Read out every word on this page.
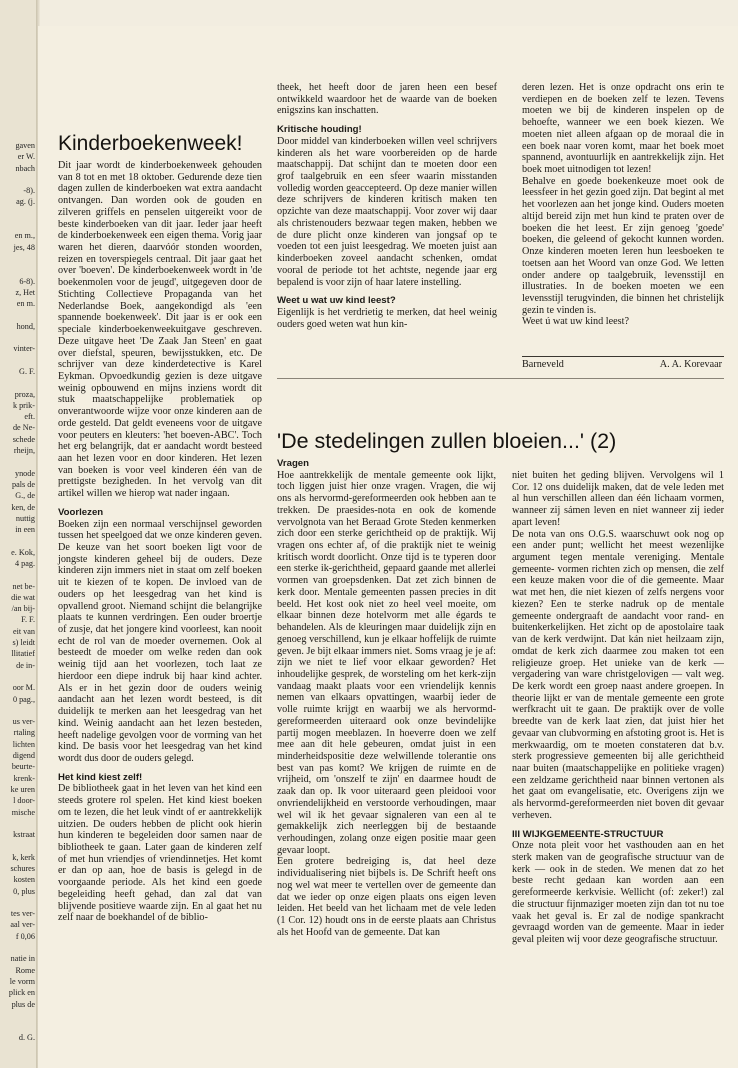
gaven
er W.
nbach

-8).
ag. (j.

en m.,
jes, 48

6-8).
z, Het
en m.

hond,

vinter-

G. F.

proza,
k prik-
eft.
de Ne-
schede
rheijn,

ynode
pals de
G., de
ken, de
nuttig
in een

e. Kok,
4 pag.

net be-
die wat
/an bij-
F. F.
eit van
s) leidt
llitatief
de in-

oor M.
0 pag.,

us ver-
rtaling
lichten
digend
beurte-
krenk-
ke uren
l door-
mische

kstraat

k, kerk
schures
kosten
0, plus

tes ver-
aal ver-
f 0,06

natie in
Rome
le vorm
plick en
plus de

d. G.
Kinderboekenweek!

Dit jaar wordt de kinderboekenweek gehouden van 8 tot en met 18 oktober. Gedurende deze tien dagen zullen de kinderboeken wat extra aandacht ontvangen. Dan worden ook de gouden en zilveren griffels en penselen uitgereikt voor de beste kinderboeken van dit jaar. Ieder jaar heeft de kinderboekenweek een eigen thema. Vorig jaar waren het dieren, daarvóór stonden woorden, reizen en toverspiegels centraal. Dit jaar gaat het over 'boeven'. De kinderboekenweek wordt in 'de boekenmolen voor de jeugd', uitgegeven door de Stichting Collectieve Propaganda van het Nederlandse Boek, aangekondigd als 'een spannende boekenweek'. Dit jaar is er ook een speciale kinderboekenweekuitgave geschreven. Deze uitgave heet 'De Zaak Jan Steen' en gaat over diefstal, speuren, bewijsstukken, etc. De schrijver van deze kinderdetective is Karel Eykman. Opvoedkundig gezien is deze uitgave weinig opbouwend en mijns inziens wordt dit stuk maatschappelijke problematiek op onverantwoorde wijze voor onze kinderen aan de orde gesteld. Dat geldt eveneens voor de uitgave voor peuters en kleuters: 'het boeven-ABC'. Toch het erg belangrijk, dat er aandacht wordt besteed aan het lezen voor en door kinderen. Het lezen van boeken is voor veel kinderen één van de prettigste bezigheden. In het vervolg van dit artikel willen we hierop wat nader ingaan.

Voorlezen

Boeken zijn een normaal verschijnsel geworden tussen het speelgoed dat we onze kinderen geven. De keuze van het soort boeken ligt voor de jongste kinderen geheel bij de ouders. Deze kinderen zijn immers niet in staat om zelf boeken uit te kiezen of te kopen. De invloed van de ouders op het leesgedrag van het kind is opvallend groot. Niemand schijnt die belangrijke plaats te kunnen verdringen. Een ouder broertje of zusje, dat het jongere kind voorleest, kan nooit echt de rol van de moeder overnemen. Ook al besteedt de moeder om welke reden dan ook weinig tijd aan het voorlezen, toch laat ze hierdoor een diepe indruk bij haar kind achter. Als er in het gezin door de ouders weinig aandacht aan het lezen wordt besteed, is dit duidelijk te merken aan het leesgedrag van het kind. Weinig aandacht aan het lezen besteden, heeft nadelige gevolgen voor de vorming van het kind. De basis voor het leesgedrag van het kind wordt dus door de ouders gelegd.

Het kind kiest zelf!

De bibliotheek gaat in het leven van het kind een steeds grotere rol spelen. Het kind kiest boeken om te lezen, die het leuk vindt of er aantrekkelijk uitzien. De ouders hebben de plicht ook hierin hun kinderen te begeleiden door samen naar de bibliotheek te gaan. Later gaan de kinderen zelf of met hun vriendjes of vriendinnetjes. Het komt er dan op aan, hoe de basis is gelegd in de voorgaande periode. Als het kind een goede begeleiding heeft gehad, dan zal dat van blijvende positieve waarde zijn. En al gaat het nu zelf naar de boekhandel of de biblio-

theek, het heeft door de jaren heen een besef ontwikkeld waardoor het de waarde van de boeken enigszins kan inschatten.

Kritische houding!

Door middel van kinderboeken willen veel schrijvers kinderen als het ware voorbereiden op de harde maatschappij. Dat schijnt dan te moeten door een grof taalgebruik en een sfeer waarin misstanden volledig worden geaccepteerd. Op deze manier willen deze schrijvers de kinderen kritisch maken ten opzichte van deze maatschappij. Voor zover wij daar als christenouders bezwaar tegen maken, hebben we de dure plicht onze kinderen van jongsaf op te voeden tot een juist leesgedrag. We moeten juist aan kinderboeken zoveel aandacht schenken, omdat vooral de periode tot het achtste, negende jaar erg bepalend is voor zijn of haar latere instelling.

Weet u wat uw kind leest?

Eigenlijk is het verdrietig te merken, dat heel weinig ouders goed weten wat hun kin-

deren lezen. Het is onze opdracht ons erin te verdiepen en de boeken zelf te lezen. Tevens moeten we bij de kinderen inspelen op de behoefte, wanneer we een boek kiezen. We moeten niet alleen afgaan op de moraal die in een boek naar voren komt, maar het boek moet spannend, avontuurlijk en aantrekkelijk zijn. Het boek moet uitnodigen tot lezen!

Behalve en goede boekenkeuze moet ook de leessfeer in het gezin goed zijn. Dat begint al met het voorlezen aan het jonge kind. Ouders moeten altijd bereid zijn met hun kind te praten over de boeken die het leest. Er zijn genoeg 'goede' boeken, die geleend of gekocht kunnen worden. Onze kinderen moeten leren hun leesboeken te toetsen aan het Woord van onze God. We letten onder andere op taalgebruik, levensstijl en illustraties. In de boeken moeten we een levensstijl terugvinden, die binnen het christelijk gezin te vinden is.

Weet ú wat uw kind leest?

Barneveld	A. A. Korevaar
'De stedelingen zullen bloeien...' (2)

Vragen

Hoe aantrekkelijk de mentale gemeente ook lijkt, toch liggen juist hier onze vragen. Vragen, die wij ons als hervormd-gereformeerden ook hebben aan te trekken. De praesides-nota en ook de komende vervolgnota van het Beraad Grote Steden kenmerken zich door een sterke gerichtheid op de praktijk. Wij vragen ons echter af, of die praktijk niet te weinig kritisch wordt doorlicht. Onze tijd is te typeren door een sterke ik-gerichtheid, gepaard gaande met allerlei vormen van groepsdenken. Dat zet zich binnen de kerk door. Mentale gemeenten passen precies in dit beeld. Het kost ook niet zo heel veel moeite, om elkaar binnen deze hotelvorm met alle égards te behandelen. Als de kleuringen maar duidelijk zijn en genoeg verschillend, kun je elkaar hoffelijk de ruimte geven. Je bijt elkaar immers niet. Soms vraag je je af: zijn we niet te lief voor elkaar geworden? Het inhoudelijke gesprek, de worsteling om het kerk-zijn vandaag maakt plaats voor een vriendelijk kennis nemen van elkaars opvattingen, waarbij ieder de volle ruimte krijgt en waarbij we als hervormd-gereformeerden uiteraard ook onze bevindelijke partij mogen meeblazen. In hoeverre doen we zelf mee aan dit hele gebeuren, omdat juist in een minderheidspositie deze welwillende tolerantie ons best van pas komt? We krijgen de ruimte en de vrijheid, om 'onszelf te zijn' en daarmee houdt de zaak dan op. Ik voor uiteraard geen pleidooi voor onvriendelijkheid en verstoorde verhoudingen, maar wel wil ik het gevaar signaleren van een al te gemakkelijk zich neerleggen bij de bestaande verhoudingen, zolang onze eigen positie maar geen gevaar loopt.

Een grotere bedreiging is, dat heel deze individualisering niet bijbels is. De Schrift heeft ons nog wel wat meer te vertellen over de gemeente dan dat we ieder op onze eigen plaats ons eigen leven leiden. Het beeld van het lichaam met de vele leden (1 Cor. 12) houdt ons in de eerste plaats aan Christus als het Hoofd van de gemeente. Dat kan

niet buiten het geding blijven. Vervolgens wil 1 Cor. 12 ons duidelijk maken, dat de vele leden met al hun verschillen alleen dan één lichaam vormen, wanneer zij sámen leven en niet wanneer zij ieder apart leven!

De nota van ons O.G.S. waarschuwt ook nog op een ander punt; wellicht het meest wezenlijke argument tegen mentale vereniging. Mentale gemeente- vormen richten zich op mensen, die zelf een keuze maken voor die of die gemeente. Maar wat met hen, die niet kiezen of zelfs nergens voor kiezen? Een te sterke nadruk op de mentale gemeente ondergraaft de aandacht voor rand- en buitenkerkelijken. Het zicht op de apostolaire taak van de kerk verdwijnt. Dat kán niet heilzaam zijn, omdat de kerk zich daarmee zou maken tot een religieuze groep. Het unieke van de kerk — vergadering van ware christgelovigen — valt weg. De kerk wordt een groep naast andere groepen. In theorie lijkt er van de mentale gemeente een grote werfkracht uit te gaan. De praktijk over de volle breedte van de kerk laat zien, dat juist hier het gevaar van clubvorming en afstoting groot is. Het is merkwaardig, om te moeten constateren dat b.v. sterk progressieve gemeenten bij alle gerichtheid naar buiten (maatschappelijke en politieke vragen) een zeldzame gerichtheid naar binnen vertonen als het gaat om evangelisatie, etc. Overigens zijn we als hervormd-gereformeerden niet boven dit gevaar verheven.

III WIJKGEMEENTE-STRUCTUUR

Onze nota pleit voor het vasthouden aan en het sterk maken van de geografische structuur van de kerk — ook in de steden. We menen dat zo het beste recht gedaan kan worden aan een gereformeerde kerkvisie. Wellicht (of: zeker!) zal die structuur fijnmaziger moeten zijn dan tot nu toe vaak het geval is. Er zal de nodige spankracht gevraagd worden van de gemeente. Maar in ieder geval pleiten wij voor deze geografische structuur.
